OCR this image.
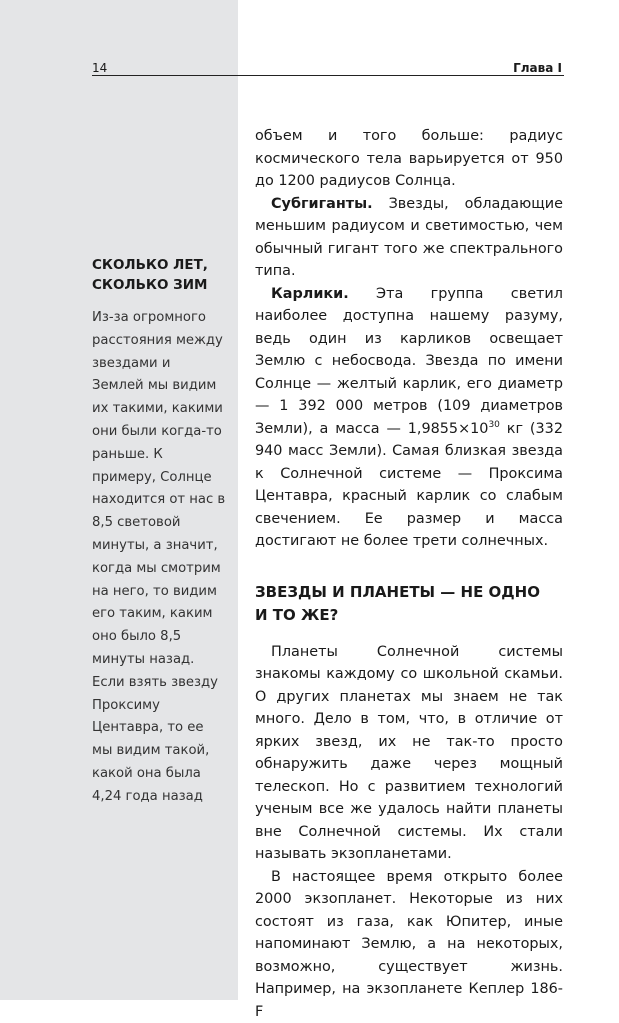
14	Глава I
СКОЛЬКО ЛЕТ,
СКОЛЬКО ЗИМ
Из-за огромного расстояния между звездами и Землей мы видим их такими, какими они были когда-то раньше. К примеру, Солнце находится от нас в 8,5 световой минуты, а значит, когда мы смотрим на него, то видим его таким, каким оно было 8,5 минуты назад. Если взять звезду Проксиму Центавра, то ее мы видим такой, какой она была 4,24 года назад

объем и того больше: радиус космического тела варьируется от 950 до 1200 радиусов Солнца.

Субгиганты. Звезды, обладающие меньшим радиусом и светимостью, чем обычный гигант того же спектрального типа.

Карлики. Эта группа светил наиболее доступна нашему разуму, ведь один из карликов освещает Землю с небосвода. Звезда по имени Солнце — желтый карлик, его диаметр — 1 392 000 метров (109 диаметров Земли), а масса — $1,9855\times 10^{30}$ кг (332 940 масс Земли). Самая близкая звезда к Солнечной системе — Проксима Центавра, красный карлик со слабым свечением. Ее размер и масса достигают не более трети солнечных.

ЗВЕЗДЫ И ПЛАНЕТЫ — НЕ ОДНО
И ТО ЖЕ?

Планеты Солнечной системы знакомы каждому со школьной скамьи. О других планетах мы знаем не так много. Дело в том, что, в отличие от ярких звезд, их не так-то просто обнаружить даже через мощный телескоп. Но с развитием технологий ученым все же удалось найти планеты вне Солнечной системы. Их стали называть экзопланетами.

В настоящее время открыто более 2000 экзопланет. Некоторые из них состоят из газа, как Юпитер, иные напоминают Землю, а на некоторых, возможно, существует жизнь. Например, на экзопланете Кеплер 186-F
